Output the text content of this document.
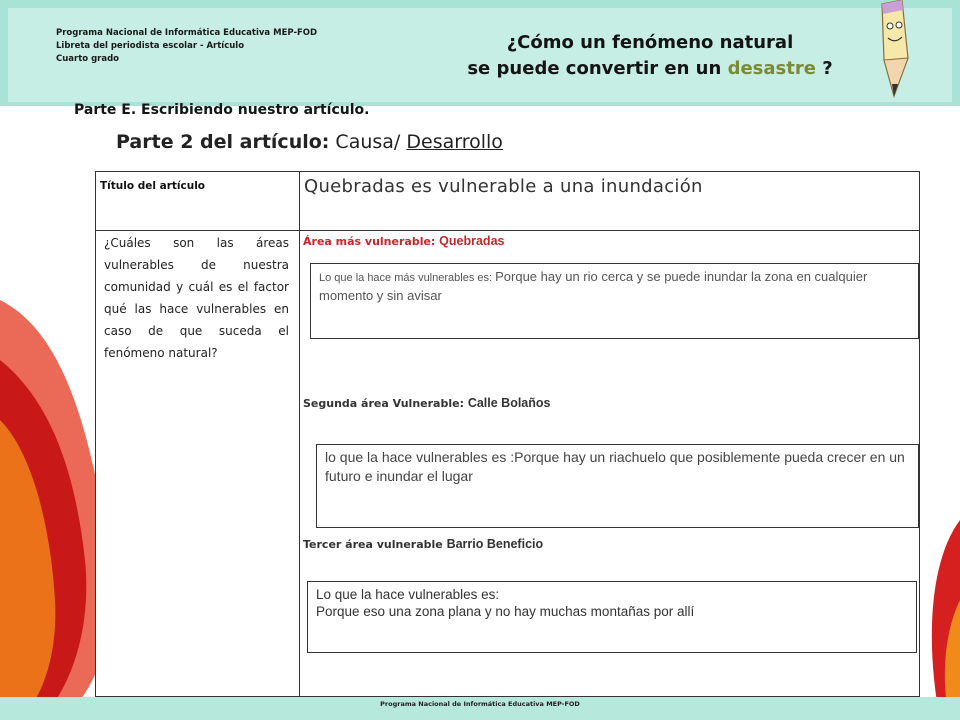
Programa Nacional de Informática Educativa MEP-FOD
Libreta del periodista escolar - Artículo
Cuarto grado
¿Cómo un fenómeno natural
se puede convertir en un desastre ?
Parte E. Escribiendo nuestro artículo.
Parte 2 del artículo: Causa/ Desarrollo
Título del artículo	Quebradas es vulnerable a una inundación
¿Cuáles son las áreas vulnerables de nuestra comunidad y cuál es el factor qué las hace vulnerables en caso de que suceda el fenómeno natural?
Área más vulnerable: Quebradas
Lo que la hace más vulnerables es: Porque hay un rio cerca y se puede inundar la zona en cualquier momento y sin avisar
Segunda área Vulnerable: Calle Bolaños
lo que la hace vulnerables es :Porque hay un riachuelo que posiblemente pueda crecer en un futuro e inundar el lugar
Tercer área vulnerable Barrio Beneficio
Lo que la hace vulnerables es:
Porque eso una zona plana y no hay muchas montañas por allí
Programa Nacional de Informática Educativa MEP-FOD
